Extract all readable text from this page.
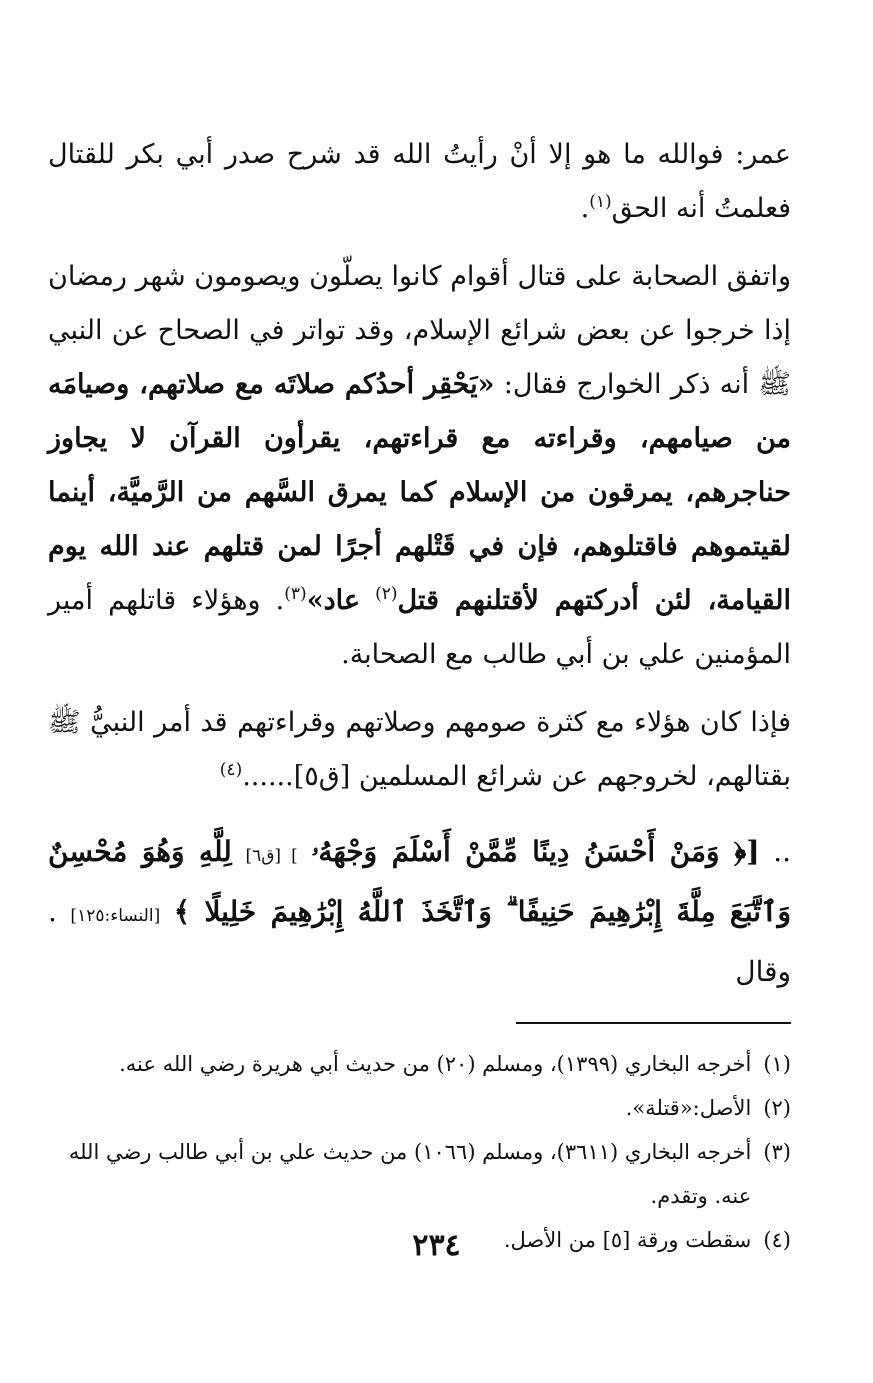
عمر: فوالله ما هو إلا أنْ رأيتُ الله قد شرح صدر أبي بكر للقتال فعلمتُ أنه الحق$^{(١)}$.

واتفق الصحابة على قتال أقوام كانوا يصلّون ويصومون شهر رمضان إذا خرجوا عن بعض شرائع الإسلام، وقد تواتر في الصحاح عن النبي ﷺ أنه ذكر الخوارج فقال: «يَحْقِر أحدُكم صلاتَه مع صلاتهم، وصيامَه من صيامهم، وقراءته مع قراءتهم، يقرأون القرآن لا يجاوز حناجرهم، يمرقون من الإسلام كما يمرق السَّهم من الرَّميَّة، أينما لقيتموهم فاقتلوهم، فإن في قَتْلهم أجرًا لمن قتلهم عند الله يوم القيامة، لئن أدركتهم لأقتلنهم قتل$^{(٢)}$ عاد»$^{(٣)}$. وهؤلاء قاتلهم أمير المؤمنين علي بن أبي طالب مع الصحابة.

فإذا كان هؤلاء مع كثرة صومهم وصلاتهم وقراءتهم قد أمر النبيُّ ﷺ بقتالهم، لخروجهم عن شرائع المسلمين [ق٥]......$^{(٤)}$

.. [﴿ وَمَنْ أَحْسَنُ دِينًا مِّمَّنْ أَسْلَمَ وَجْهَهُۥ ] [ق٦] لِلَّهِ وَهُوَ مُحْسِنٌ وَٱتَّبَعَ مِلَّةَ إِبْرَٰهِيمَ حَنِيفًا ۗ وَٱتَّخَذَ ٱللَّهُ إِبْرَٰهِيمَ خَلِيلًا ﴾ [النساء:١٢٥] . وقال

(١)
أخرجه البخاري (١٣٩٩)، ومسلم (٢٠) من حديث أبي هريرة رضي الله عنه.
(٢)
الأصل:«قتلة».
(٣)
أخرجه البخاري (٣٦١١)، ومسلم (١٠٦٦) من حديث علي بن أبي طالب رضي الله عنه. وتقدم.
(٤)
سقطت ورقة [٥] من الأصل.
٢٣٤
